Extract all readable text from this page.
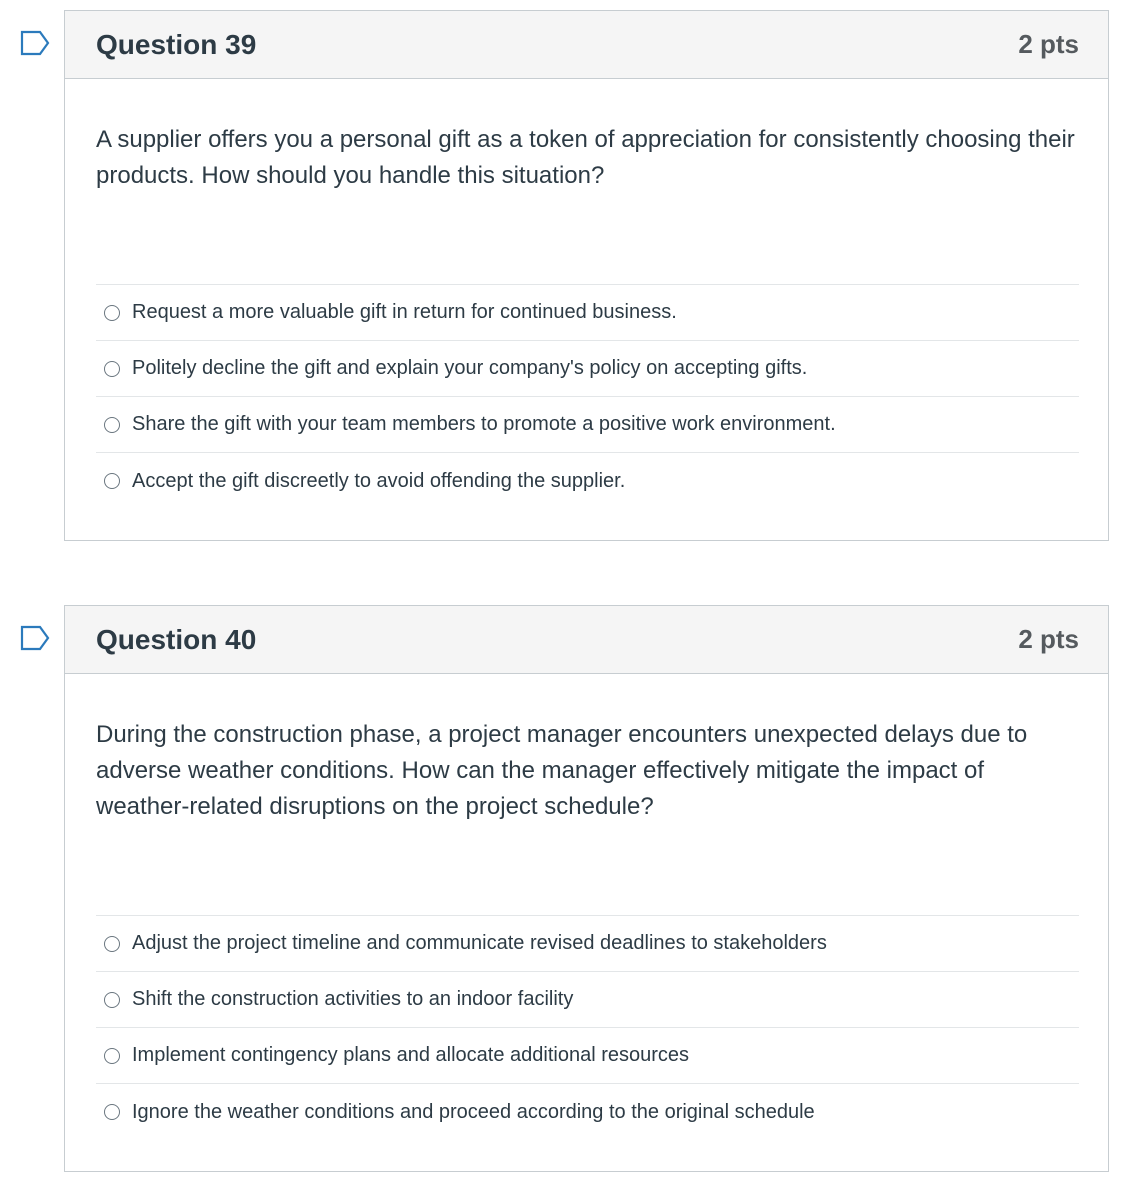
Question 39	2 pts
A supplier offers you a personal gift as a token of appreciation for consistently choosing their products. How should you handle this situation?
Request a more valuable gift in return for continued business.
Politely decline the gift and explain your company's policy on accepting gifts.
Share the gift with your team members to promote a positive work environment.
Accept the gift discreetly to avoid offending the supplier.
Question 40	2 pts
During the construction phase, a project manager encounters unexpected delays due to adverse weather conditions. How can the manager effectively mitigate the impact of weather-related disruptions on the project schedule?
Adjust the project timeline and communicate revised deadlines to stakeholders
Shift the construction activities to an indoor facility
Implement contingency plans and allocate additional resources
Ignore the weather conditions and proceed according to the original schedule
